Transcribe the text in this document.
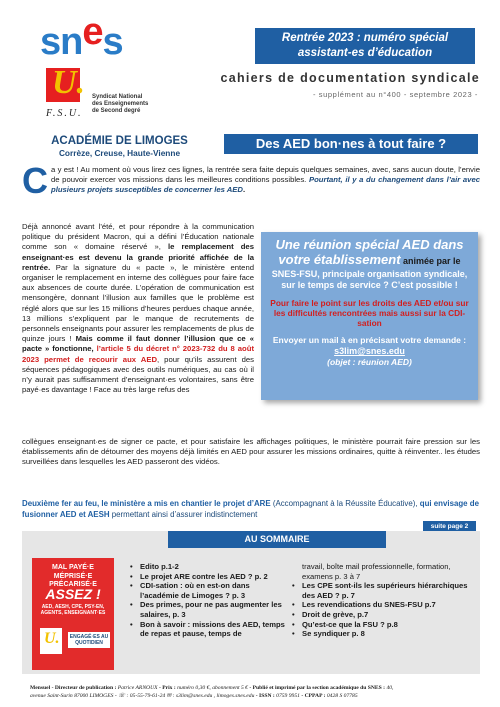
snes
U.
F.S.U.
Syndicat National
des Enseignements
de Second degré
Rentrée 2023 : numéro spécial
assistant-es d’éducation
cahiers de documentation syndicale
- supplément au n°400 - septembre 2023 -
ACADÉMIE DE LIMOGES
Corrèze, Creuse, Haute-Vienne
Des AED bon·nes à tout faire ?
Ca y est ! Au moment où vous lirez ces lignes, la rentrée sera faite depuis quelques semaines, avec, sans aucun doute, l’envie de pouvoir exercer vos missions dans les meilleures conditions possibles. Pourtant, il y a du changement dans l’air avec plusieurs projets susceptibles de concerner les AED.
Déjà annoncé avant l’été, et pour répondre à la communication politique du président Macron, qui a défini l’Éducation nationale comme son « domaine réservé », le remplacement des enseignant·es est devenu la grande priorité affichée de la rentrée. Par la signature du « pacte », le ministère entend organiser le remplacement en interne des collègues pour faire face aux absences de courte durée. L’opération de communication est mensongère, donnant l’illusion aux familles que le problème est réglé alors que sur les 15 millions d’heures perdues chaque année, 13 millions s’expliquent par le manque de recrutements de personnels enseignants pour assurer les remplacements de plus de quinze jours ! Mais comme il faut donner l’illusion que ce « pacte » fonctionne, l’article 5 du décret n° 2023-732 du 8 août 2023 permet de recourir aux AED, pour qu’ils assurent des séquences pédagogiques avec des outils numériques, au cas où il n’y aurait pas suffisamment d’enseignant·es volontaires, sans être payé·es davantage ! Face au très large refus des
collègues enseignant·es de signer ce pacte, et pour satisfaire les affichages politiques, le ministère pourrait faire pression sur les établissements afin de détourner des moyens déjà limités en AED pour assurer les missions ordinaires, quitte à réinventer.. les études surveillées dans lesquelles les AED passeront des vidéos.
Une réunion spécial AED dans votre établissement animée par le
SNES-FSU, principale organisation syndicale, sur le temps de service ? C’est possible !
Pour faire le point sur les droits des AED et/ou sur les difficultés rencontrées mais aussi sur la CDI-sation
Envoyer un mail à en précisant votre demande :
s3lim@snes.edu
(objet : réunion AED)
Deuxième fer au feu, le ministère a mis en chantier le projet d’ARE (Accompagnant à la Réussite Éducative), qui envisage de fusionner AED et AESH permettant ainsi d’assurer indistinctement
suite page 2
AU SOMMAIRE
MAL PAYÉ·E
MÉPRISÉ·E
PRÉCARISÉ·E
ASSEZ !
AED, AESH, CPE, PSY-EN, AGENTS, ENSEIGNANT·ES
U.	ENGAGÉ·ES AU QUOTIDIEN
• Edito p.1-2
• Le projet ARE contre les AED ? p. 2
• CDI-sation : où en est-on dans l’académie de Limoges ? p. 3
• Des primes, pour ne pas augmenter les salaires, p. 3
• Bon à savoir : missions des AED, temps de repas et pause, temps de
travail, boîte mail professionnelle, formation, examens p. 3 à 7
• Les CPE sont-ils les supérieurs hiérarchiques des AED ? p. 7
• Les revendications du SNES-FSU p.7
• Droit de grève, p.7
• Qu’est-ce que la FSU ? p.8
• Se syndiquer p. 8
Mensuel - Directeur de publication : Patrice ARNOUX - Prix : numéro 0,30 €, abonnement 5 € - Publié et imprimé par la section académique du SNES : 40,
avenue Saint-Surin 87000 LIMOGES - ☏ : 05-55-79-61-24 ✉ : s3lim@snes.edu , limoges.snes.edu - ISSN : 0759 9951 - CPPAP : 0428 S 07785
